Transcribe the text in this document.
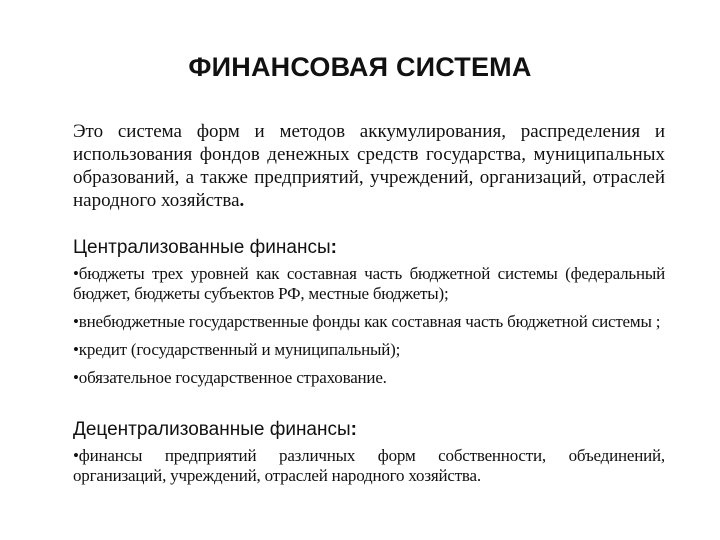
ФИНАНСОВАЯ СИСТЕМА

Это система форм и методов аккумулирования, распределения и использования фондов денежных средств государства, муниципальных образований, а также предприятий, учреждений, организаций, отраслей народного хозяйства.

Централизованные финансы:

•бюджеты трех уровней как составная часть бюджетной системы (федеральный бюджет, бюджеты субъектов РФ, местные бюджеты);
•внебюджетные государственные фонды как составная часть бюджетной системы ;
•кредит (государственный и муниципальный);
•обязательное государственное страхование.

Децентрализованные финансы:

•финансы предприятий различных форм собственности, объединений, организаций, учреждений, отраслей народного хозяйства.
